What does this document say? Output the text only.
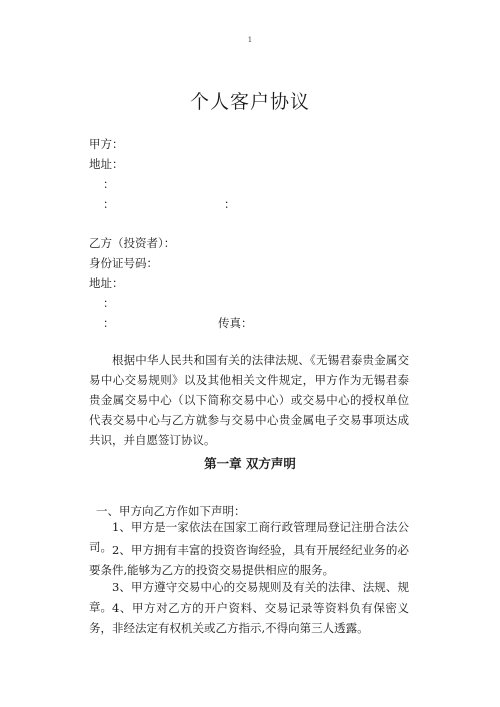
1
个人客户协议
甲方：
地址：
：
：	：
乙方（投资者）：
身份证号码：
地址：
：
：	传真：
根据中华人民共和国有关的法律法规、《无锡君泰贵金属交易中心交易规则》以及其他相关文件规定，甲方作为无锡君泰贵金属交易中心（以下简称交易中心）或交易中心的授权单位代表交易中心与乙方就参与交易中心贵金属电子交易事项达成共识，并自愿签订协议。
第一章 双方声明
一、甲方向乙方作如下声明：
1、甲方是一家依法在国家工商行政管理局登记注册合法公司。 2、甲方拥有丰富的投资咨询经验，具有开展经纪业务的必要条件,能够为乙方的投资交易提供相应的服务。
3、甲方遵守交易中心的交易规则及有关的法律、法规、规章。 4、甲方对乙方的开户资料、交易记录等资料负有保密义务，非经法定有权机关或乙方指示,不得向第三人透露。
